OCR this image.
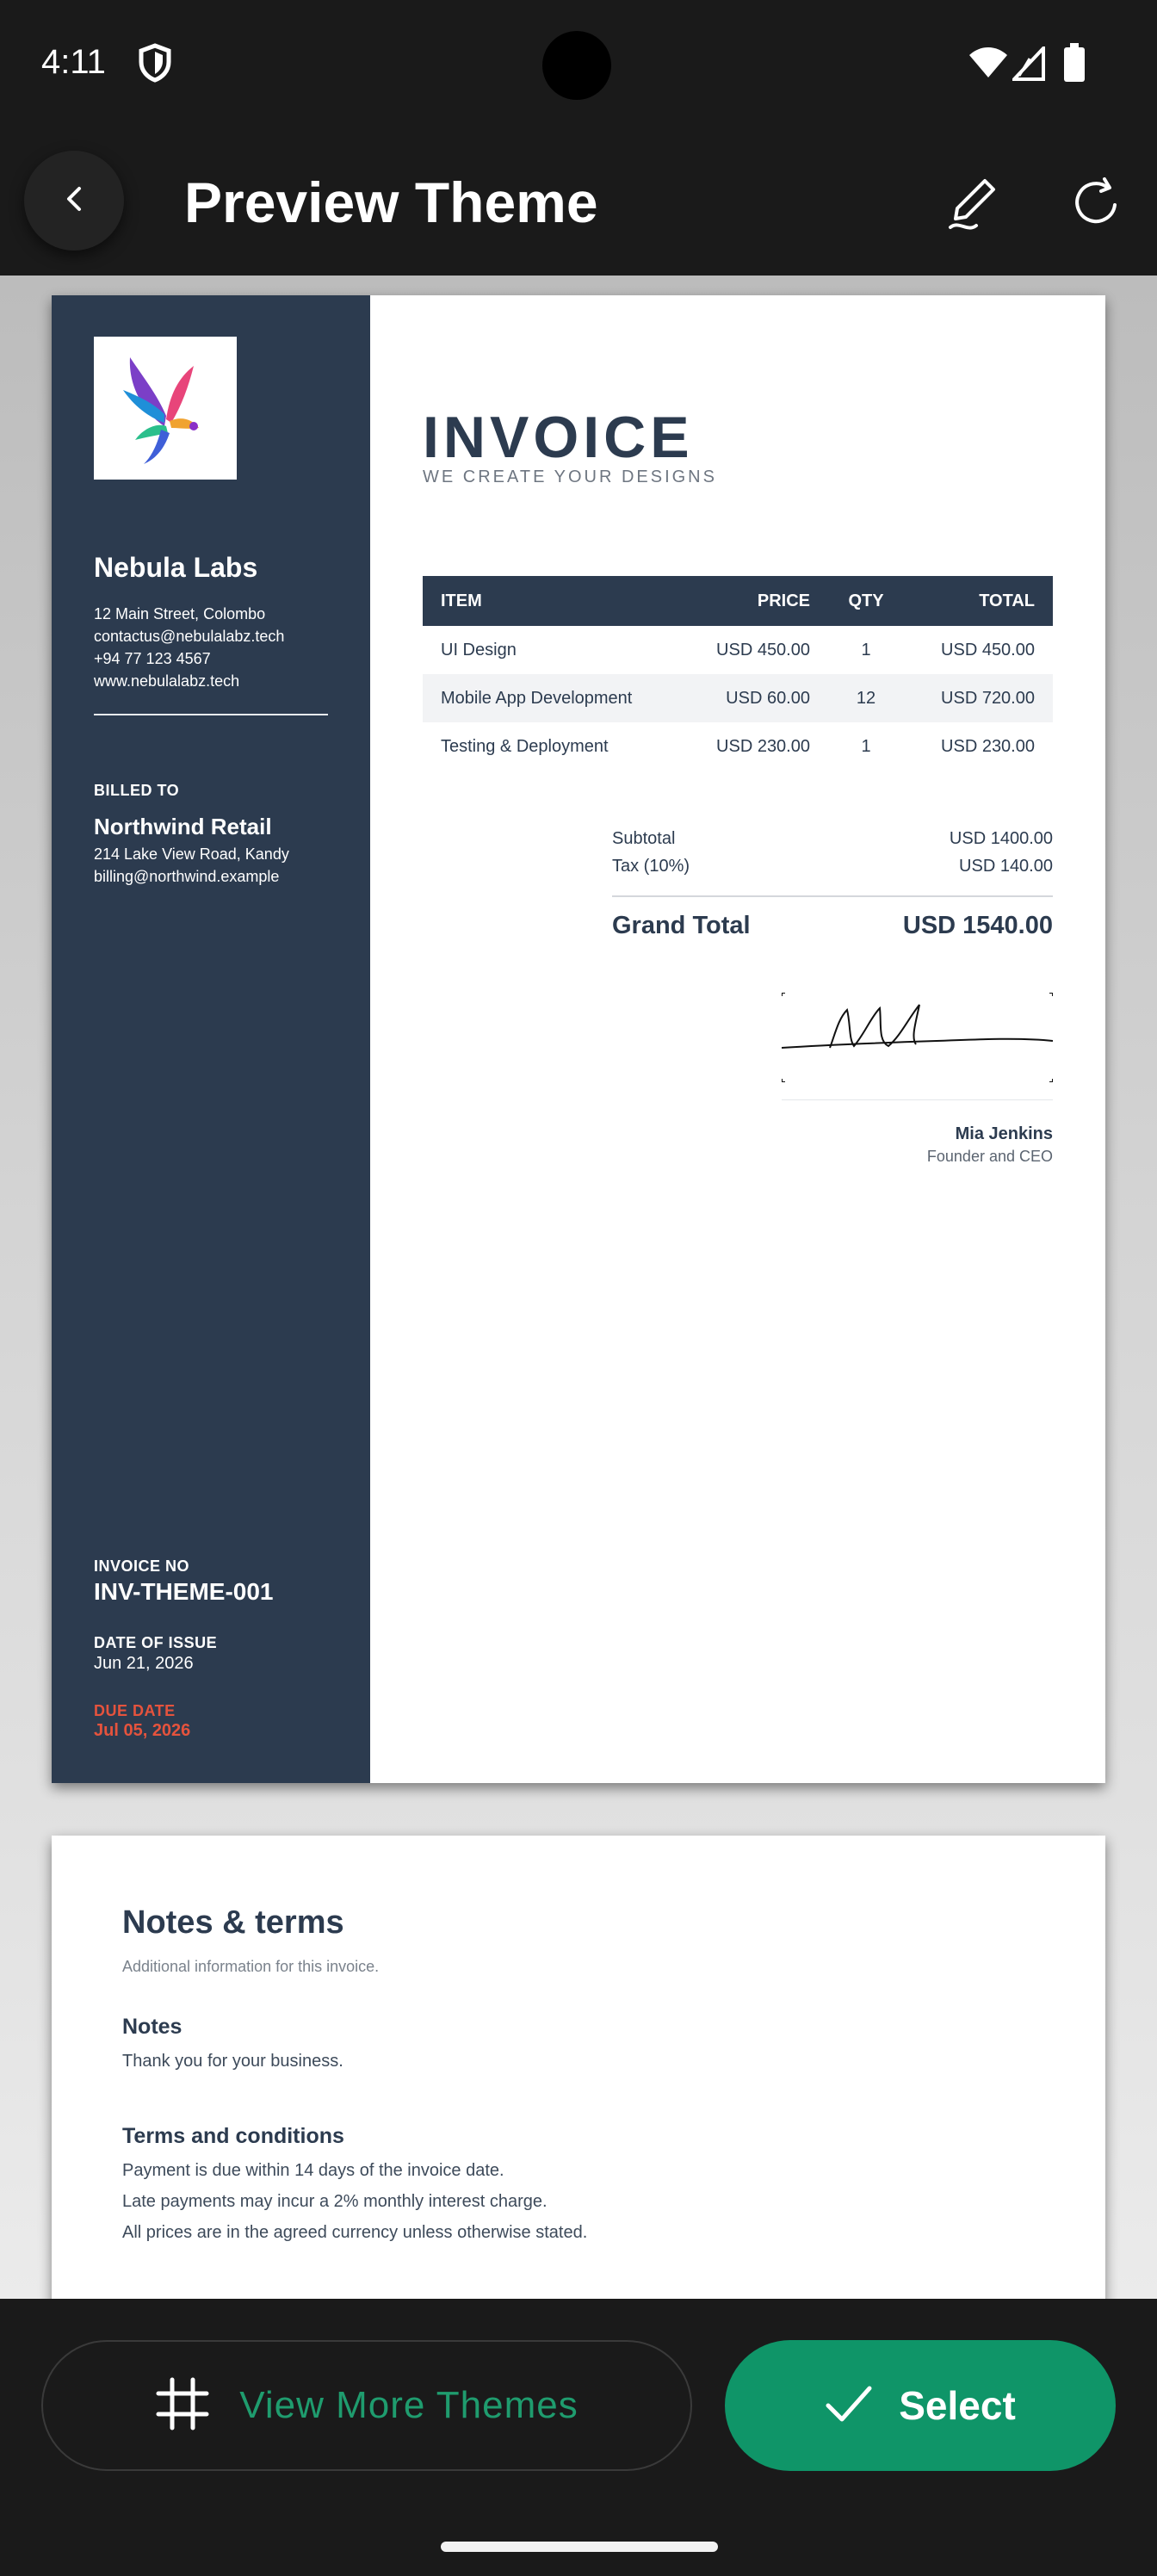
4:11
Preview Theme
Nebula Labs
12 Main Street, Colombo
contactus@nebulalabz.tech
+94 77 123 4567
www.nebulalabz.tech
BILLED TO
Northwind Retail
214 Lake View Road, Kandy
billing@northwind.example
INVOICE NO
INV-THEME-001
DATE OF ISSUE
Jun 21, 2026
DUE DATE
Jul 05, 2026
INVOICE
WE CREATE YOUR DESIGNS
ITEM	PRICE	QTY	TOTAL
UI Design	USD 450.00	1	USD 450.00
Mobile App Development	USD 60.00	12	USD 720.00
Testing & Deployment	USD 230.00	1	USD 230.00
Subtotal	USD 1400.00
Tax (10%)	USD 140.00
Grand Total	USD 1540.00
Mia Jenkins
Founder and CEO
Notes & terms
Additional information for this invoice.
Notes
Thank you for your business.
Terms and conditions
Payment is due within 14 days of the invoice date.
Late payments may incur a 2% monthly interest charge.
All prices are in the agreed currency unless otherwise stated.
View More Themes	Select
